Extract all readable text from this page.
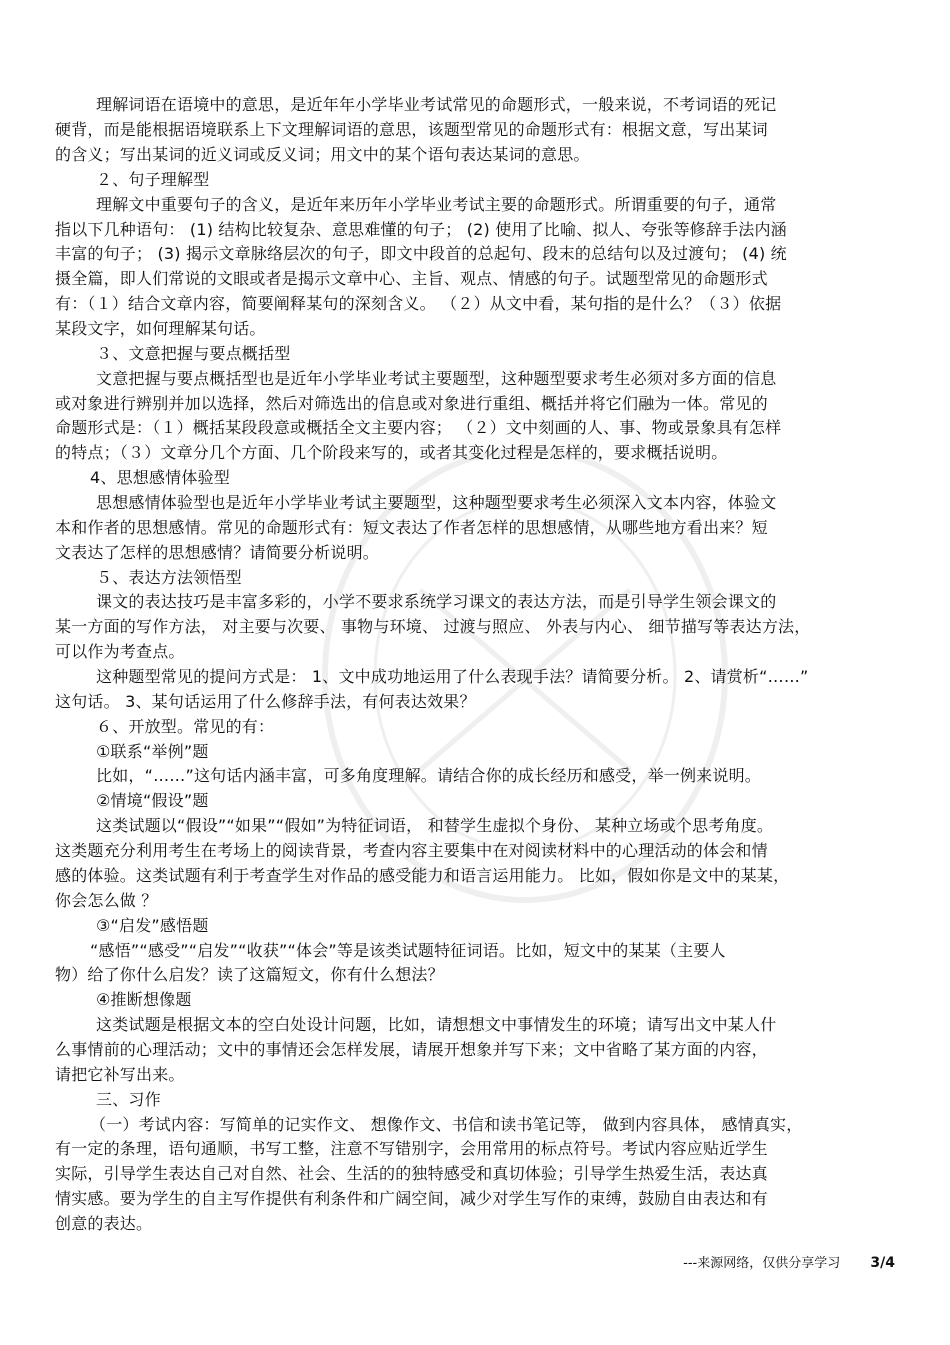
理解词语在语境中的意思，是近年年小学毕业考试常见的命题形式，一般来说，不考词语的死记
硬背，而是能根据语境联系上下文理解词语的意思，该题型常见的命题形式有：根据文意，写出某词
的含义；写出某词的近义词或反义词；用文中的某个语句表达某词的意思。
２、句子理解型
理解文中重要句子的含义，是近年来历年小学毕业考试主要的命题形式。所谓重要的句子，通常
指以下几种语句： (1) 结构比较复杂、意思难懂的句子； (2) 使用了比喻、拟人、夸张等修辞手法内涵
丰富的句子； (3) 揭示文章脉络层次的句子，即文中段首的总起句、段末的总结句以及过渡句； (4) 统
摄全篇，即人们常说的文眼或者是揭示文章中心、主旨、观点、情感的句子。试题型常见的命题形式
有：（１）结合文章内容，简要阐释某句的深刻含义。 （２）从文中看，某句指的是什么？（３）依据
某段文字，如何理解某句话。
３、文意把握与要点概括型
文意把握与要点概括型也是近年小学毕业考试主要题型，这种题型要求考生必须对多方面的信息
或对象进行辨别并加以选择，然后对筛选出的信息或对象进行重组、概括并将它们融为一体。常见的
命题形式是：（１）概括某段段意或概括全文主要内容； （２）文中刻画的人、事、物或景象具有怎样
的特点；（３）文章分几个方面、几个阶段来写的，或者其变化过程是怎样的，要求概括说明。
4、思想感情体验型
思想感情体验型也是近年小学毕业考试主要题型，这种题型要求考生必须深入文本内容，体验文
本和作者的思想感情。常见的命题形式有：短文表达了作者怎样的思想感情，从哪些地方看出来？短
文表达了怎样的思想感情？请简要分析说明。
５、表达方法领悟型
课文的表达技巧是丰富多彩的，小学不要求系统学习课文的表达方法，而是引导学生领会课文的
某一方面的写作方法， 对主要与次要、 事物与环境、 过渡与照应、 外表与内心、 细节描写等表达方法，
可以作为考查点。
这种题型常见的提问方式是： 1、文中成功地运用了什么表现手法？请简要分析。 2、请赏析“……”
这句话。 3、某句话运用了什么修辞手法，有何表达效果？
６、开放型。常见的有：
①联系“举例”题
比如，“……”这句话内涵丰富，可多角度理解。请结合你的成长经历和感受，举一例来说明。
②情境“假设”题
这类试题以“假设”“如果”“假如”为特征词语， 和替学生虚拟个身份、 某种立场或个思考角度。
这类题充分利用考生在考场上的阅读背景，考查内容主要集中在对阅读材料中的心理活动的体会和情
感的体验。这类试题有利于考查学生对作品的感受能力和语言运用能力。 比如，假如你是文中的某某，
你会怎么做 ？
③“启发”感悟题
“感悟”“感受”“启发”“收获”“体会”等是该类试题特征词语。比如，短文中的某某（主要人
物）给了你什么启发？读了这篇短文，你有什么想法？
④推断想像题
这类试题是根据文本的空白处设计问题，比如，请想想文中事情发生的环境；请写出文中某人什
么事情前的心理活动；文中的事情还会怎样发展，请展开想象并写下来；文中省略了某方面的内容，
请把它补写出来。
三、习作
（一）考试内容：写简单的记实作文、 想像作文、书信和读书笔记等， 做到内容具体， 感情真实，
有一定的条理，语句通顺，书写工整，注意不写错别字，会用常用的标点符号。考试内容应贴近学生
实际，引导学生表达自己对自然、社会、生活的的独特感受和真切体验；引导学生热爱生活，表达真
情实感。要为学生的自主写作提供有利条件和广阔空间，减少对学生写作的束缚，鼓励自由表达和有
创意的表达。
---来源网络，仅供分享学习 3/4
